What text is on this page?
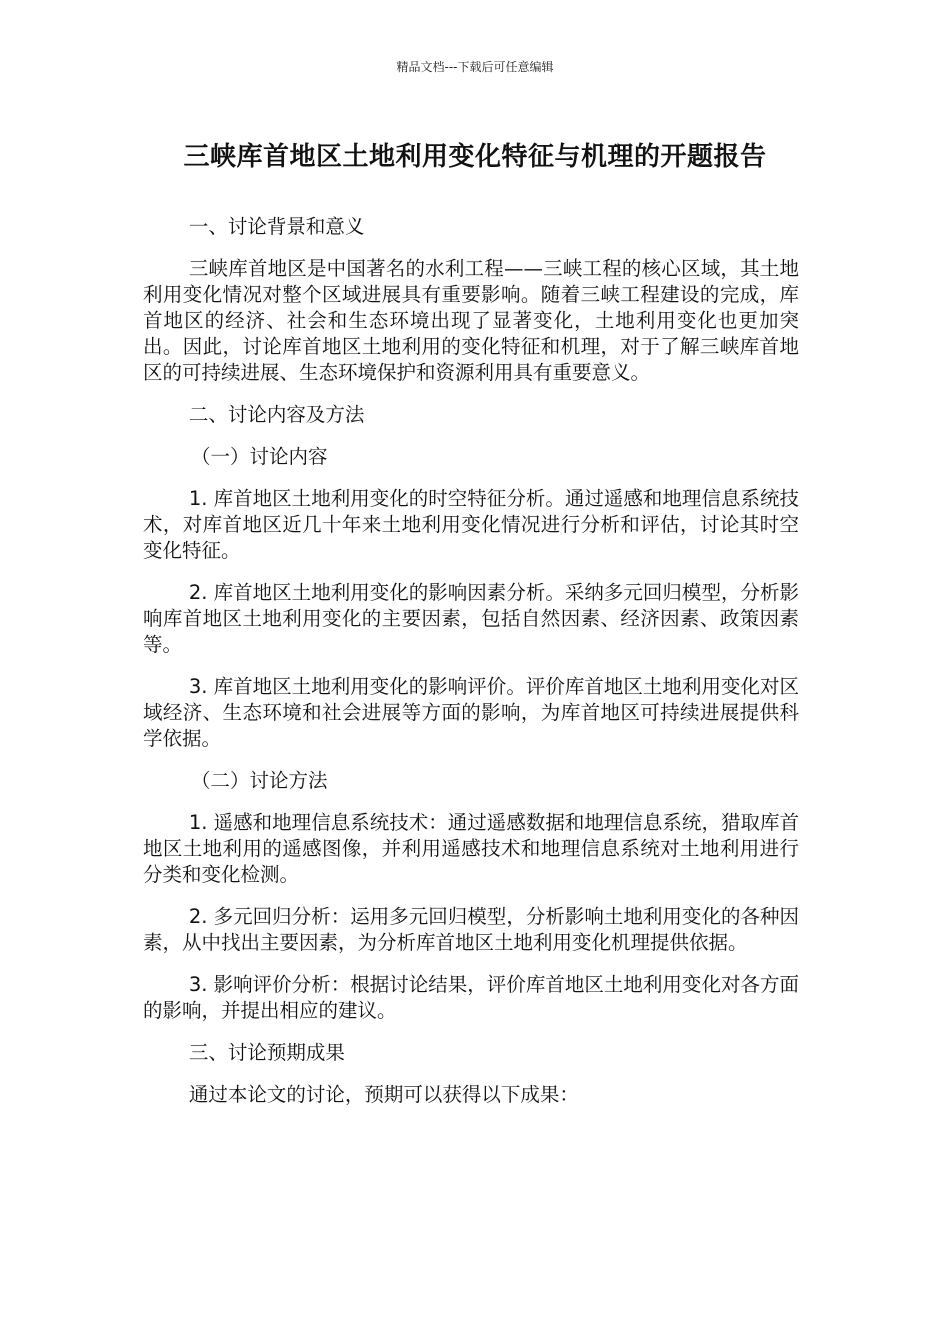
精品文档---下载后可任意编辑
三峡库首地区土地利用变化特征与机理的开题报告

一、讨论背景和意义

三峡库首地区是中国著名的水利工程——三峡工程的核心区域，其土地利用变化情况对整个区域进展具有重要影响。随着三峡工程建设的完成，库首地区的经济、社会和生态环境出现了显著变化，土地利用变化也更加突出。因此，讨论库首地区土地利用的变化特征和机理，对于了解三峡库首地区的可持续进展、生态环境保护和资源利用具有重要意义。

二、讨论内容及方法

（一）讨论内容

1. 库首地区土地利用变化的时空特征分析。通过遥感和地理信息系统技术，对库首地区近几十年来土地利用变化情况进行分析和评估，讨论其时空变化特征。

2. 库首地区土地利用变化的影响因素分析。采纳多元回归模型，分析影响库首地区土地利用变化的主要因素，包括自然因素、经济因素、政策因素等。

3. 库首地区土地利用变化的影响评价。评价库首地区土地利用变化对区域经济、生态环境和社会进展等方面的影响，为库首地区可持续进展提供科学依据。

（二）讨论方法

1. 遥感和地理信息系统技术：通过遥感数据和地理信息系统，猎取库首地区土地利用的遥感图像，并利用遥感技术和地理信息系统对土地利用进行分类和变化检测。

2. 多元回归分析：运用多元回归模型，分析影响土地利用变化的各种因素，从中找出主要因素，为分析库首地区土地利用变化机理提供依据。

3. 影响评价分析：根据讨论结果，评价库首地区土地利用变化对各方面的影响，并提出相应的建议。

三、讨论预期成果

通过本论文的讨论，预期可以获得以下成果：
